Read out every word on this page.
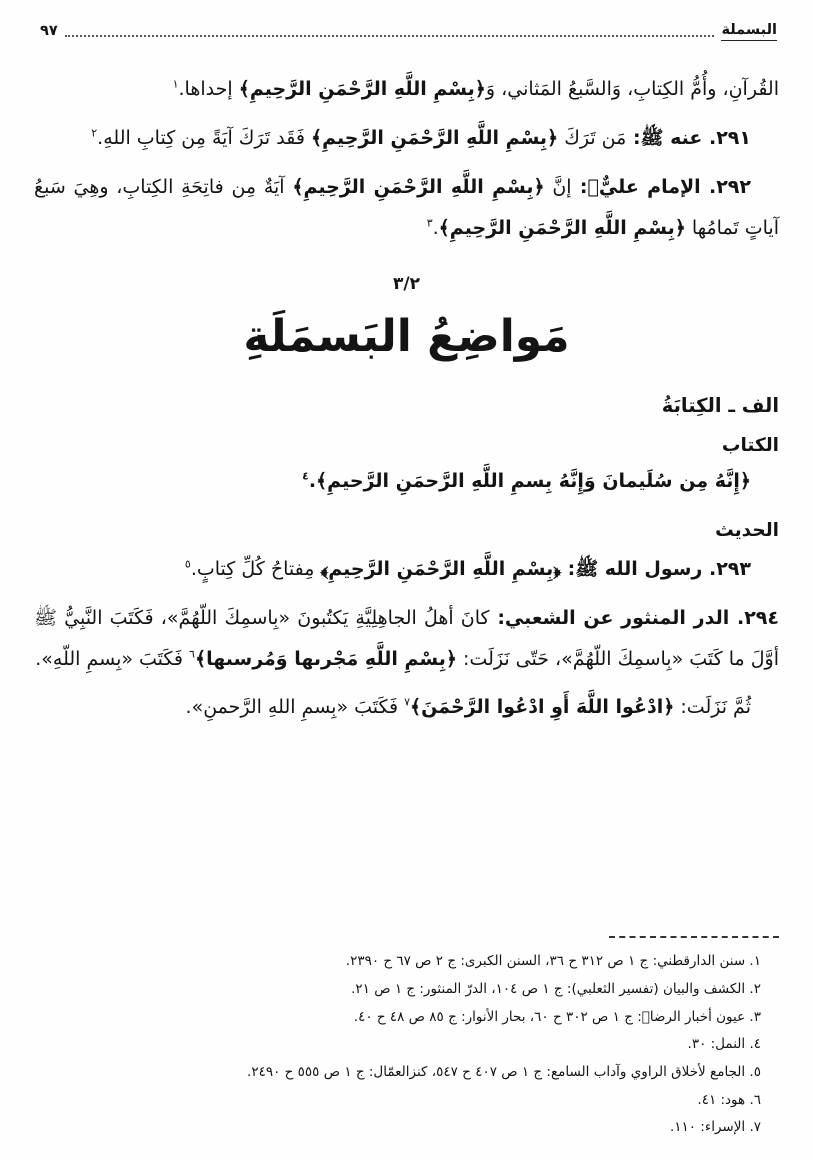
البسملة
٩٧

القُرآنِ، وأُمُّ الكِتابِ، وَالسَّبعُ المَثاني، وَ﴿بِسْمِ اللَّهِ الرَّحْمَنِ الرَّحِيمِ﴾ إحداها.$^١$

٢٩١. عنه ﷺ: مَن تَرَكَ ﴿بِسْمِ اللَّهِ الرَّحْمَنِ الرَّحِيمِ﴾ فَقَد تَرَكَ آيَةً مِن كِتابِ اللهِ.$^٢$

٢٩٢. الإمام عليٌّؑ: إنَّ ﴿بِسْمِ اللَّهِ الرَّحْمَنِ الرَّحِيمِ﴾ آيَةٌ مِن فاتِحَةِ الكِتابِ، وهِيَ سَبعُ آياتٍ تَمامُها ﴿بِسْمِ اللَّهِ الرَّحْمَنِ الرَّحِيمِ﴾.$^٣$

٣/٢
مَواضِعُ البَسمَلَةِ
الف ـ الكِتابَةُ
الكتاب

﴿إِنَّهُ مِن سُلَيمانَ وَإِنَّهُ بِسمِ اللَّهِ الرَّحمَنِ الرَّحيمِ﴾.$^٤$

الحديث

٢٩٣. رسول الله ﷺ: ﴿بِسْمِ اللَّهِ الرَّحْمَنِ الرَّحِيمِ﴾ مِفتاحُ كُلِّ كِتابٍ.$^٥$

٢٩٤. الدر المنثور عن الشعبي: كانَ أهلُ الجاهِلِيَّةِ يَكتُبونَ «بِاسمِكَ اللّهُمَّ»، فَكَتَبَ النَّبِيُّ ﷺ أوَّلَ ما كَتَبَ «بِاسمِكَ اللّهُمَّ»، حَتّى نَزَلَت: ﴿بِسْمِ اللَّهِ مَجْرىها وَمُرسىها﴾$^٦$ فَكَتَبَ «بِسمِ اللّهِ».

ثُمَّ نَزَلَت: ﴿ادْعُوا اللَّهَ أَوِ ادْعُوا الرَّحْمَنَ﴾$^٧$ فَكَتَبَ «بِسمِ اللهِ الرَّحمنِ».

١. سنن الدارقطني: ج ١ ص ٣١٢ ح ٣٦، السنن الكبرى: ج ٢ ص ٦٧ ح ٢٣٩٠.
٢. الكشف والبيان (تفسير الثعلبي): ج ١ ص ١٠٤، الدرّ المنثور: ج ١ ص ٢١.
٣. عيون أخبار الرضاؑ: ج ١ ص ٣٠٢ ح ٦٠، بحار الأنوار: ج ٨٥ ص ٤٨ ح ٤٠.
٤. النمل: ٣٠.
٥. الجامع لأخلاق الراوي وآداب السامع: ج ١ ص ٤٠٧ ح ٥٤٧، كنزالعمّال: ج ١ ص ٥٥٥ ح ٢٤٩٠.
٦. هود: ٤١.
٧. الإسراء: ١١٠.
